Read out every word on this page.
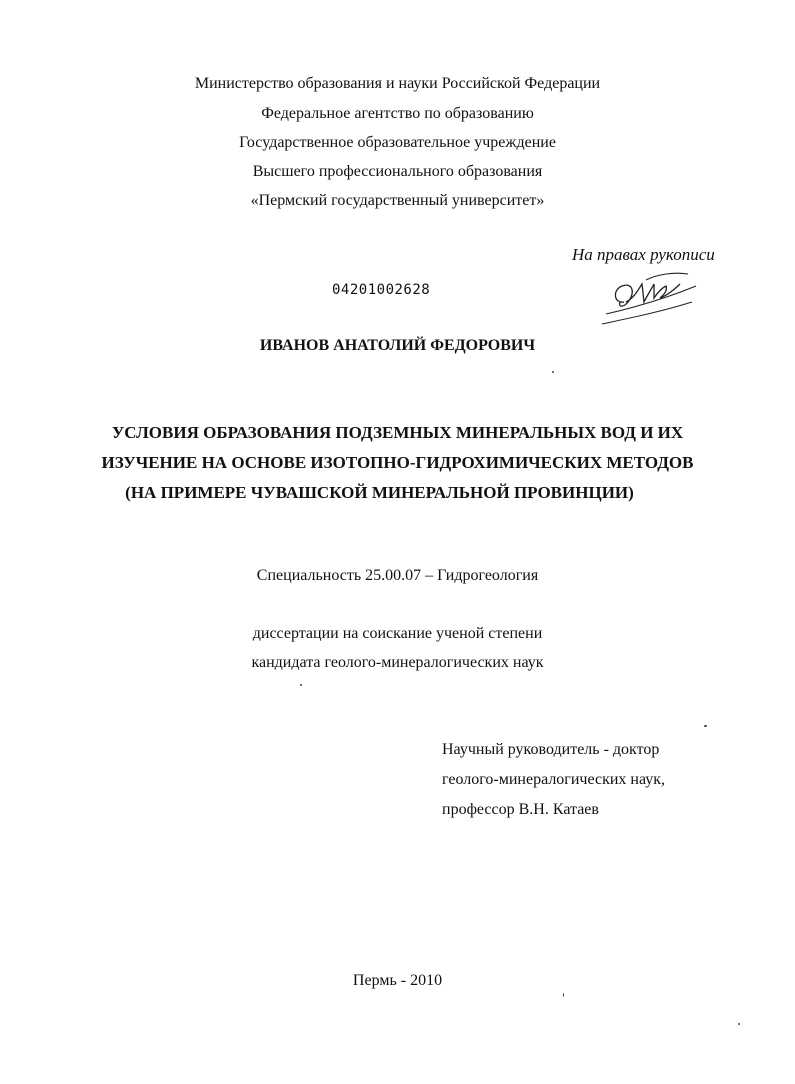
Министерство образования и науки Российской Федерации
Федеральное агентство по образованию
Государственное образовательное учреждение
Высшего профессионального образования
«Пермский государственный университет»
На правах рукописи
04201002628
ИВАНОВ АНАТОЛИЙ ФЕДОРОВИЧ
УСЛОВИЯ ОБРАЗОВАНИЯ ПОДЗЕМНЫХ МИНЕРАЛЬНЫХ ВОД И ИХ
ИЗУЧЕНИЕ НА ОСНОВЕ ИЗОТОПНО-ГИДРОХИМИЧЕСКИХ МЕТОДОВ
(НА ПРИМЕРЕ ЧУВАШСКОЙ МИНЕРАЛЬНОЙ ПРОВИНЦИИ)
Специальность 25.00.07 – Гидрогеология
диссертации на соискание ученой степени
кандидата геолого-минералогических наук
Научный руководитель - доктор
геолого-минералогических наук,
профессор В.Н. Катаев
Пермь - 2010
